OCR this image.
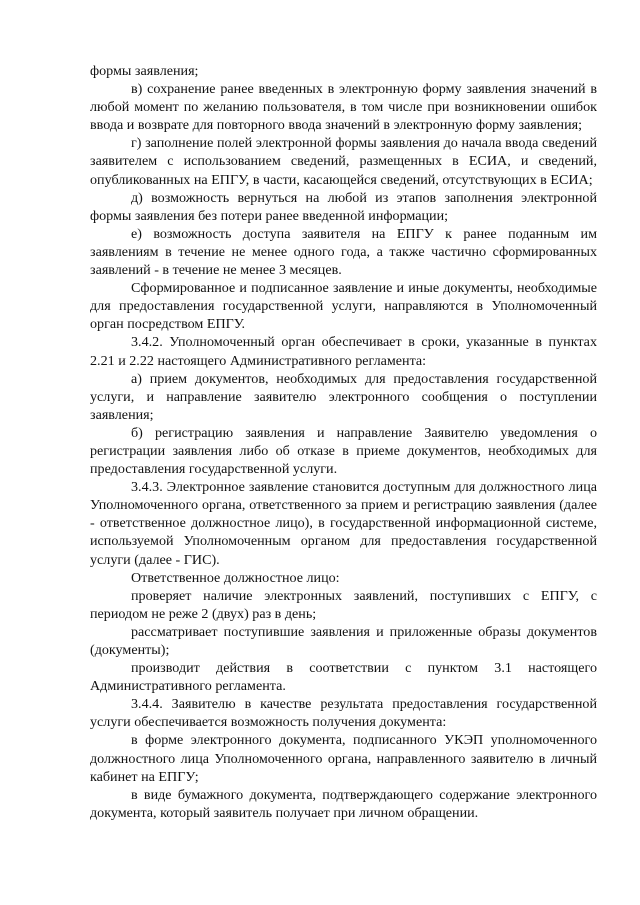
формы заявления;

в) сохранение ранее введенных в электронную форму заявления значений в любой момент по желанию пользователя, в том числе при возникновении ошибок ввода и возврате для повторного ввода значений в электронную форму заявления;

г) заполнение полей электронной формы заявления до начала ввода сведений заявителем с использованием сведений, размещенных в ЕСИА, и сведений, опубликованных на ЕПГУ, в части, касающейся сведений, отсутствующих в ЕСИА;

д) возможность вернуться на любой из этапов заполнения электронной формы заявления без потери ранее введенной информации;

е) возможность доступа заявителя на ЕПГУ к ранее поданным им заявлениям в течение не менее одного года, а также частично сформированных заявлений - в течение не менее 3 месяцев.

Сформированное и подписанное заявление и иные документы, необходимые для предоставления государственной услуги, направляются в Уполномоченный орган посредством ЕПГУ.

3.4.2. Уполномоченный орган обеспечивает в сроки, указанные в пунктах 2.21 и 2.22 настоящего Административного регламента:

а) прием документов, необходимых для предоставления государственной услуги, и направление заявителю электронного сообщения о поступлении заявления;

б) регистрацию заявления и направление Заявителю уведомления о регистрации заявления либо об отказе в приеме документов, необходимых для предоставления государственной услуги.

3.4.3. Электронное заявление становится доступным для должностного лица Уполномоченного органа, ответственного за прием и регистрацию заявления (далее - ответственное должностное лицо), в государственной информационной системе, используемой Уполномоченным органом для предоставления государственной услуги (далее - ГИС).

Ответственное должностное лицо:

проверяет наличие электронных заявлений, поступивших с ЕПГУ, с периодом не реже 2 (двух) раз в день;

рассматривает поступившие заявления и приложенные образы документов (документы);

производит действия в соответствии с пунктом 3.1 настоящего Административного регламента.

3.4.4. Заявителю в качестве результата предоставления государственной услуги обеспечивается возможность получения документа:

в форме электронного документа, подписанного УКЭП уполномоченного должностного лица Уполномоченного органа, направленного заявителю в личный кабинет на ЕПГУ;

в виде бумажного документа, подтверждающего содержание электронного документа, который заявитель получает при личном обращении.
